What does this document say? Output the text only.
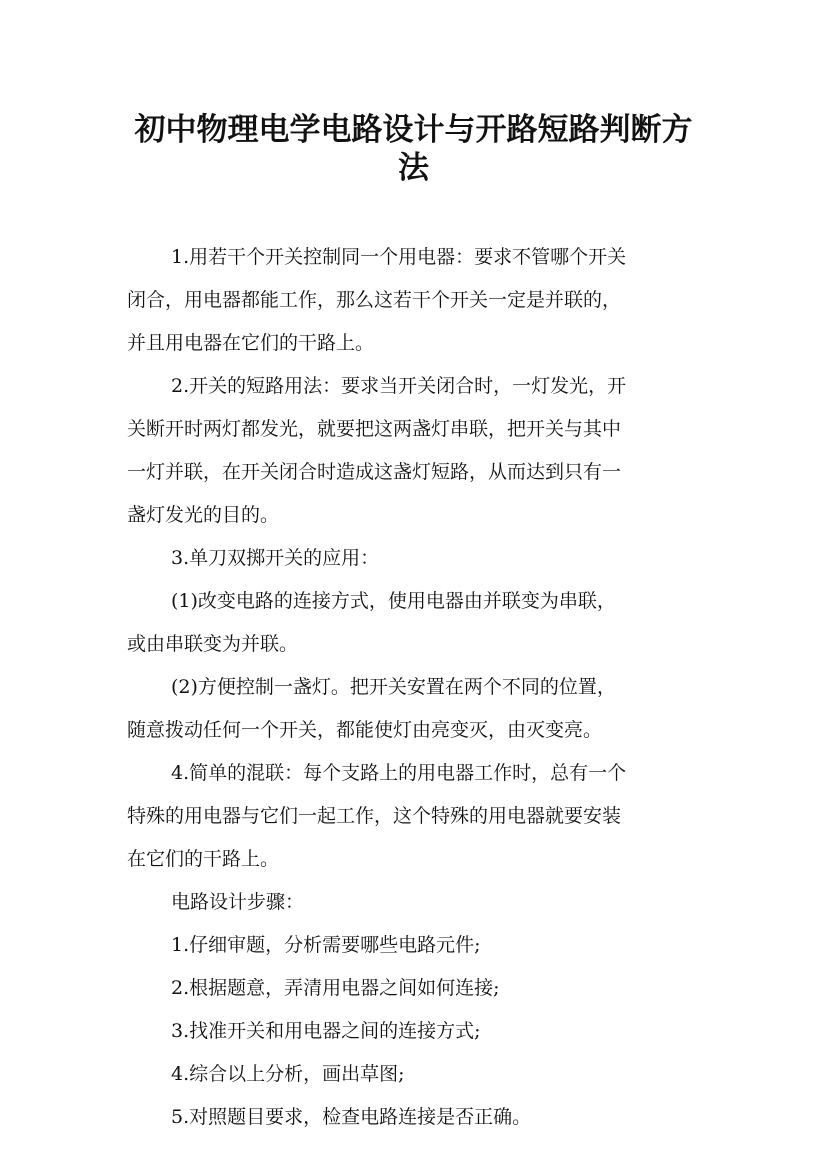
初中物理电学电路设计与开路短路判断方
法
1.用若干个开关控制同一个用电器：要求不管哪个开关
闭合，用电器都能工作，那么这若干个开关一定是并联的，
并且用电器在它们的干路上。
2.开关的短路用法：要求当开关闭合时，一灯发光，开
关断开时两灯都发光，就要把这两盏灯串联，把开关与其中
一灯并联，在开关闭合时造成这盏灯短路，从而达到只有一
盏灯发光的目的。
3.单刀双掷开关的应用：
(1)改变电路的连接方式，使用电器由并联变为串联，
或由串联变为并联。
(2)方便控制一盏灯。把开关安置在两个不同的位置，
随意拨动任何一个开关，都能使灯由亮变灭，由灭变亮。
4.简单的混联：每个支路上的用电器工作时，总有一个
特殊的用电器与它们一起工作，这个特殊的用电器就要安装
在它们的干路上。
电路设计步骤：
1.仔细审题，分析需要哪些电路元件;
2.根据题意，弄清用电器之间如何连接;
3.找准开关和用电器之间的连接方式;
4.综合以上分析，画出草图;
5.对照题目要求，检查电路连接是否正确。
